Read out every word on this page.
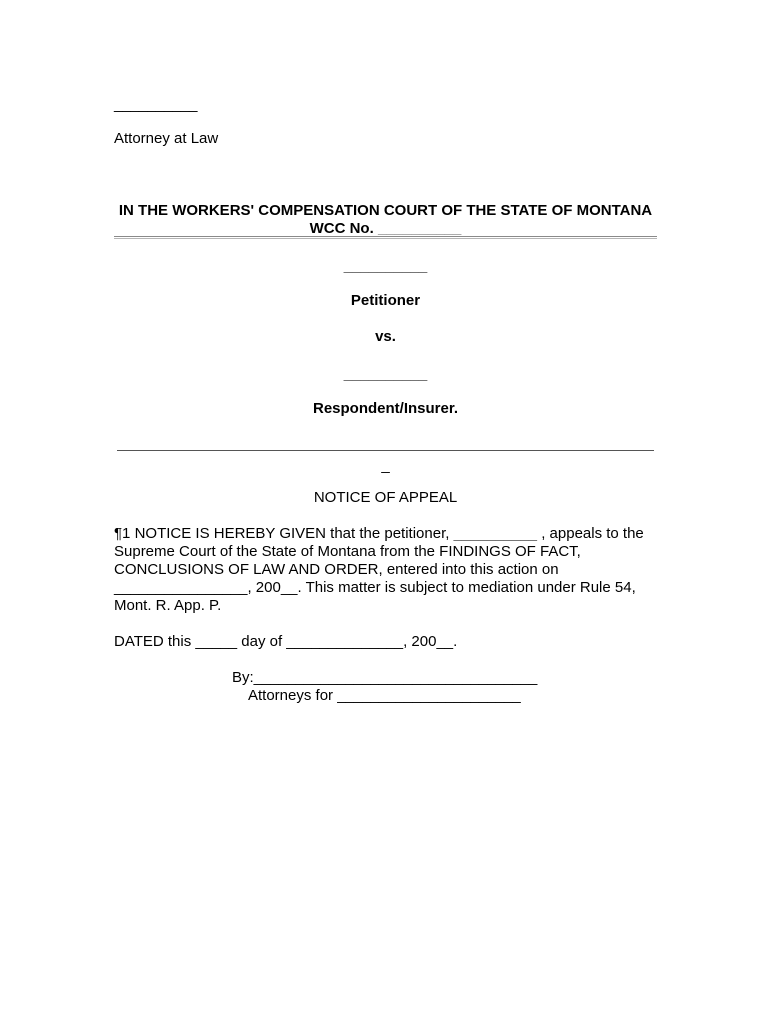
__________
Attorney at Law
IN THE WORKERS' COMPENSATION COURT OF THE STATE OF MONTANA
WCC No. __________
__________
Petitioner
vs.
__________
Respondent/Insurer.
_
NOTICE OF APPEAL
¶1 NOTICE IS HEREBY GIVEN that the petitioner, __________ , appeals to the
Supreme Court of the State of Montana from the FINDINGS OF FACT,
CONCLUSIONS OF LAW AND ORDER, entered into this action on
________________, 200__. This matter is subject to mediation under Rule 54,
Mont. R. App. P.
DATED this _____ day of ______________, 200__.
By:__________________________________
Attorneys for ______________________
